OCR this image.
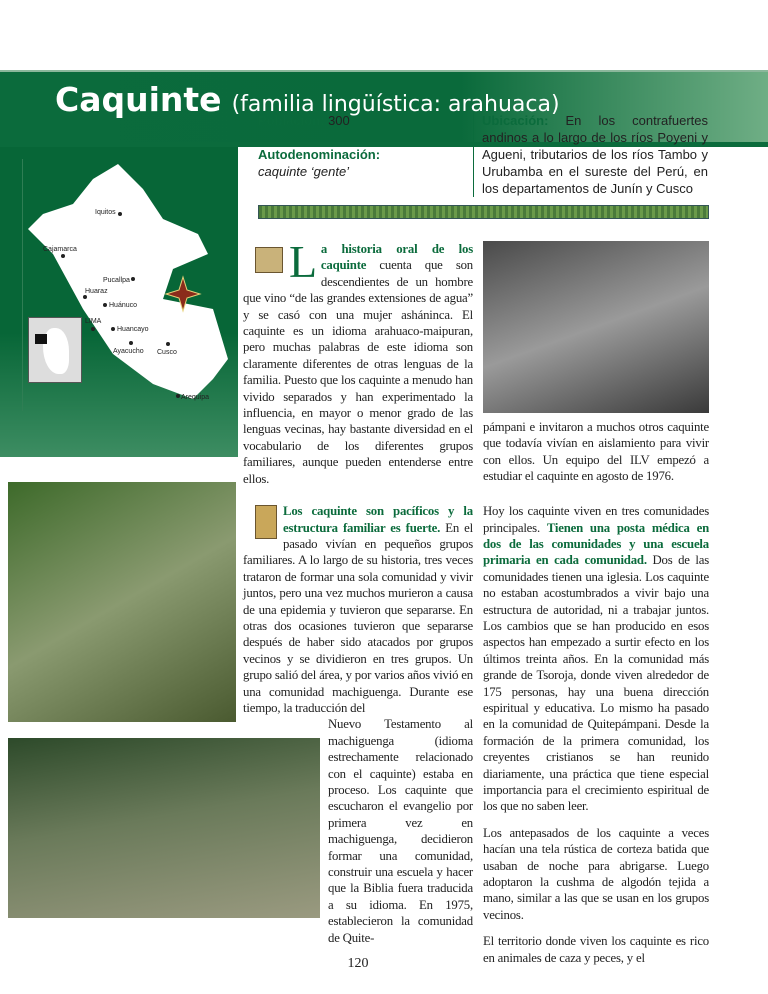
Caquinte (familia lingüística: arahuaca)
Iquitos
Cajamarca
Pucallpa
Huaraz
Huánuco
LIMA
Huancayo
Ayacucho Cusco
Arequipa
Población: 300
Autodenominación:
caquinte ‘gente’
Ubicación: En los contrafuertes andinos a lo largo de los ríos Poyeni y Agueni, tributarios de los ríos Tambo y Urubamba en el sureste del Perú, en los departamentos de Junín y Cusco
La historia oral de los caquinte cuenta que son descendientes de un hombre que vino “de las grandes extensiones de agua” y se casó con una mujer asháninca. El caquinte es un idioma arahuaco-maipuran, pero muchas palabras de este idioma son claramente diferentes de otras lenguas de la familia. Puesto que los caquinte a menudo han vivido separados y han experimentado la influencia, en mayor o menor grado de las lenguas vecinas, hay bastante diversidad en el vocabulario de los diferentes grupos familiares, aunque pueden entenderse entre ellos.
pámpani e invitaron a muchos otros caquinte que todavía vivían en aislamiento para vivir con ellos. Un equipo del ILV empezó a estudiar el caquinte en agosto de 1976.
Los caquinte son pacíficos y la estructura familiar es fuerte. En el pasado vivían en pequeños grupos familiares. A lo largo de su historia, tres veces trataron de formar una sola comunidad y vivir juntos, pero una vez muchos murieron a causa de una epidemia y tuvieron que separarse. En otras dos ocasiones tuvieron que separarse después de haber sido atacados por grupos vecinos y se dividieron en tres grupos. Un grupo salió del área, y por varios años vivió en una comunidad machiguenga. Durante ese tiempo, la traducción del
Nuevo Testamento al machiguenga (idioma estrechamente relacionado con el caquinte) estaba en proceso. Los caquinte que escucharon el evangelio por primera vez en machiguenga, decidieron formar una comunidad, construir una escuela y hacer que la Biblia fuera traducida a su idioma. En 1975, establecieron la comunidad de Quite-
120

Hoy los caquinte viven en tres comunidades principales. Tienen una posta médica en dos de las comunidades y una escuela primaria en cada comunidad. Dos de las comunidades tienen una iglesia. Los caquinte no estaban acostumbrados a vivir bajo una estructura de autoridad, ni a trabajar juntos. Los cambios que se han producido en esos aspectos han empezado a surtir efecto en los últimos treinta años. En la comunidad más grande de Tsoroja, donde viven alrededor de 175 personas, hay una buena dirección espiritual y educativa. Lo mismo ha pasado en la comunidad de Quitepámpani. Desde la formación de la primera comunidad, los creyentes cristianos se han reunido diariamente, una práctica que tiene especial importancia para el crecimiento espiritual de los que no saben leer.

Los antepasados de los caquinte a veces hacían una tela rústica de corteza batida que usaban de noche para abrigarse. Luego adoptaron la cushma de algodón tejida a mano, similar a las que se usan en los grupos vecinos.

El territorio donde viven los caquinte es rico en animales de caza y peces, y el
